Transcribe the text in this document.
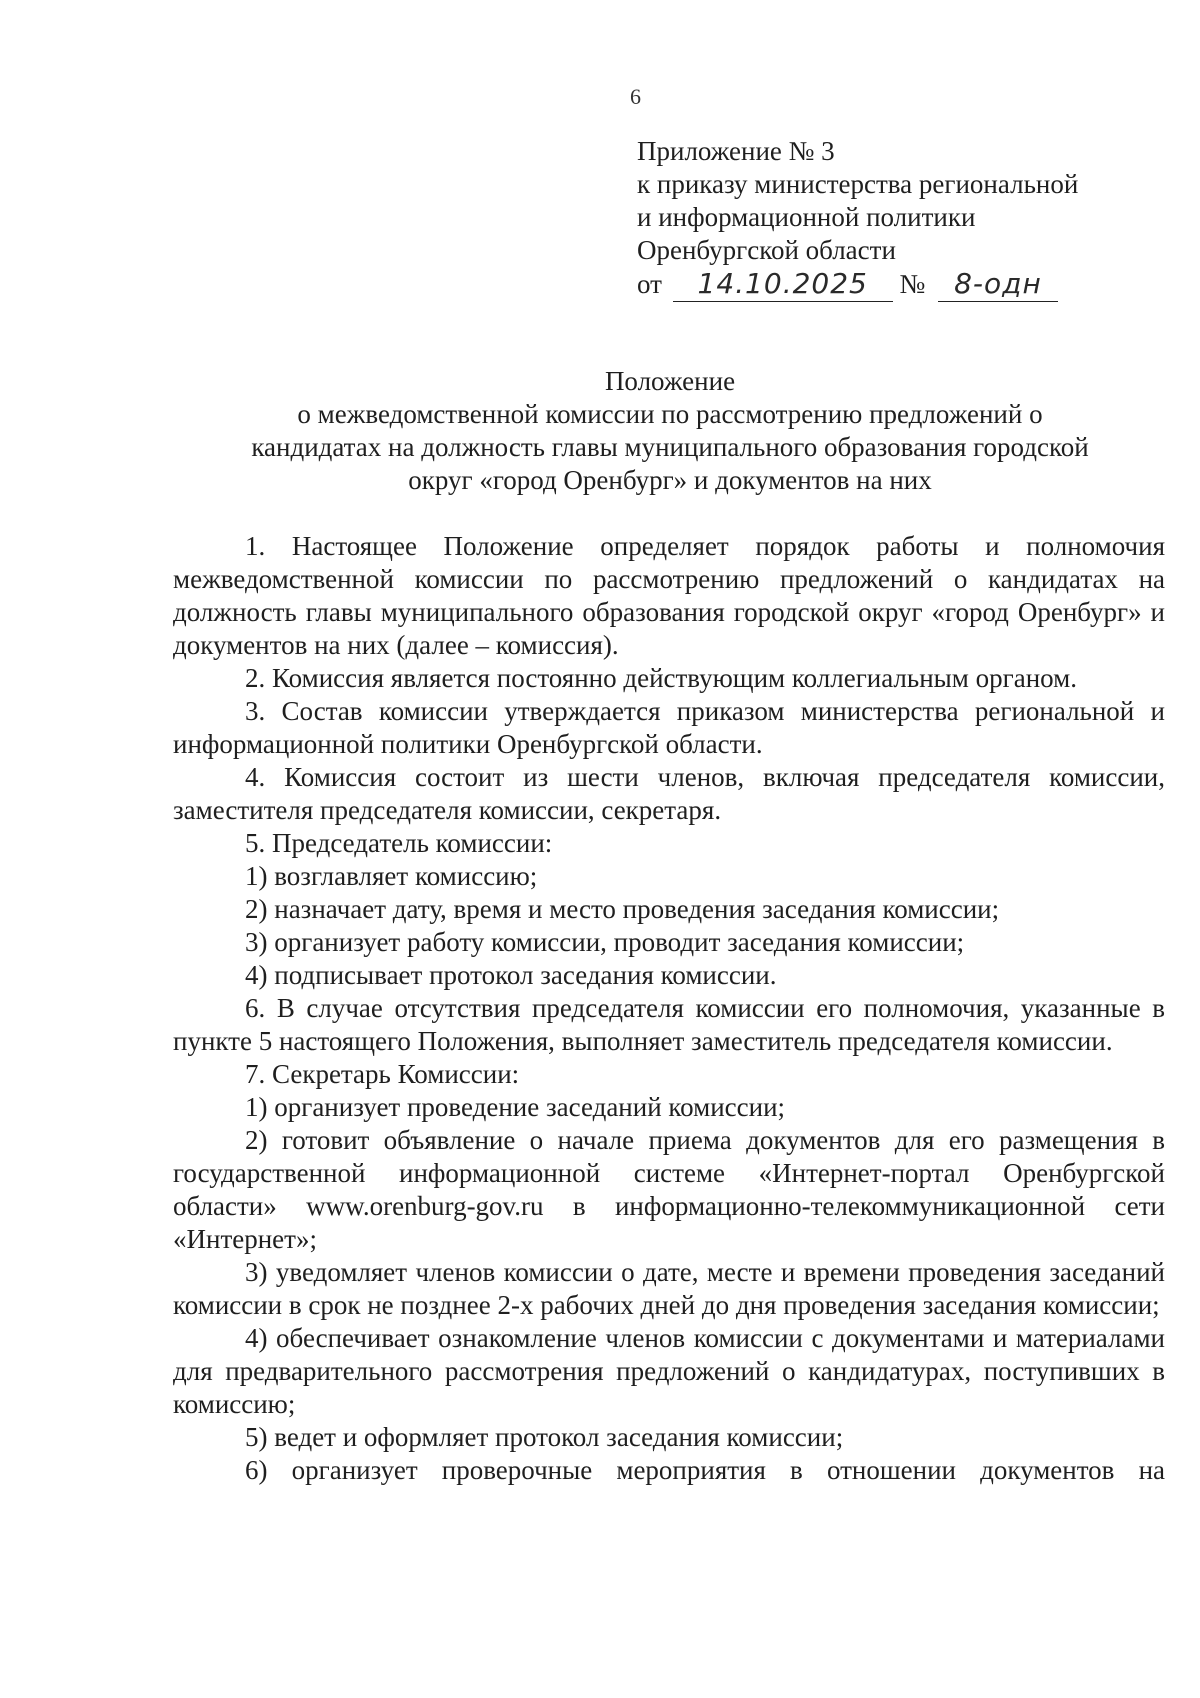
6
Приложение № 3
к приказу министерства региональной
и информационной политики
Оренбургской области
от 14.10.2025 № 8-одн
Положение
о межведомственной комиссии по рассмотрению предложений о
кандидатах на должность главы муниципального образования городской
округ «город Оренбург» и документов на них

1. Настоящее Положение определяет порядок работы и полномочия межведомственной комиссии по рассмотрению предложений о кандидатах на должность главы муниципального образования городской округ «город Оренбург» и документов на них (далее – комиссия).

2. Комиссия является постоянно действующим коллегиальным органом.

3. Состав комиссии утверждается приказом министерства региональной и информационной политики Оренбургской области.

4. Комиссия состоит из шести членов, включая председателя комиссии, заместителя председателя комиссии, секретаря.

5. Председатель комиссии:

1) возглавляет комиссию;

2) назначает дату, время и место проведения заседания комиссии;

3) организует работу комиссии, проводит заседания комиссии;

4) подписывает протокол заседания комиссии.

6. В случае отсутствия председателя комиссии его полномочия, указанные в пункте 5 настоящего Положения, выполняет заместитель председателя комиссии.

7. Секретарь Комиссии:

1) организует проведение заседаний комиссии;

2) готовит объявление о начале приема документов для его размещения в государственной информационной системе «Интернет-портал Оренбургской области» www.orenburg-gov.ru в информационно-телекоммуникационной сети «Интернет»;

3) уведомляет членов комиссии о дате, месте и времени проведения заседаний комиссии в срок не позднее 2-х рабочих дней до дня проведения заседания комиссии;

4) обеспечивает ознакомление членов комиссии с документами и материалами для предварительного рассмотрения предложений о кандидатурах, поступивших в комиссию;

5) ведет и оформляет протокол заседания комиссии;

6) организует проверочные мероприятия в отношении документов на
